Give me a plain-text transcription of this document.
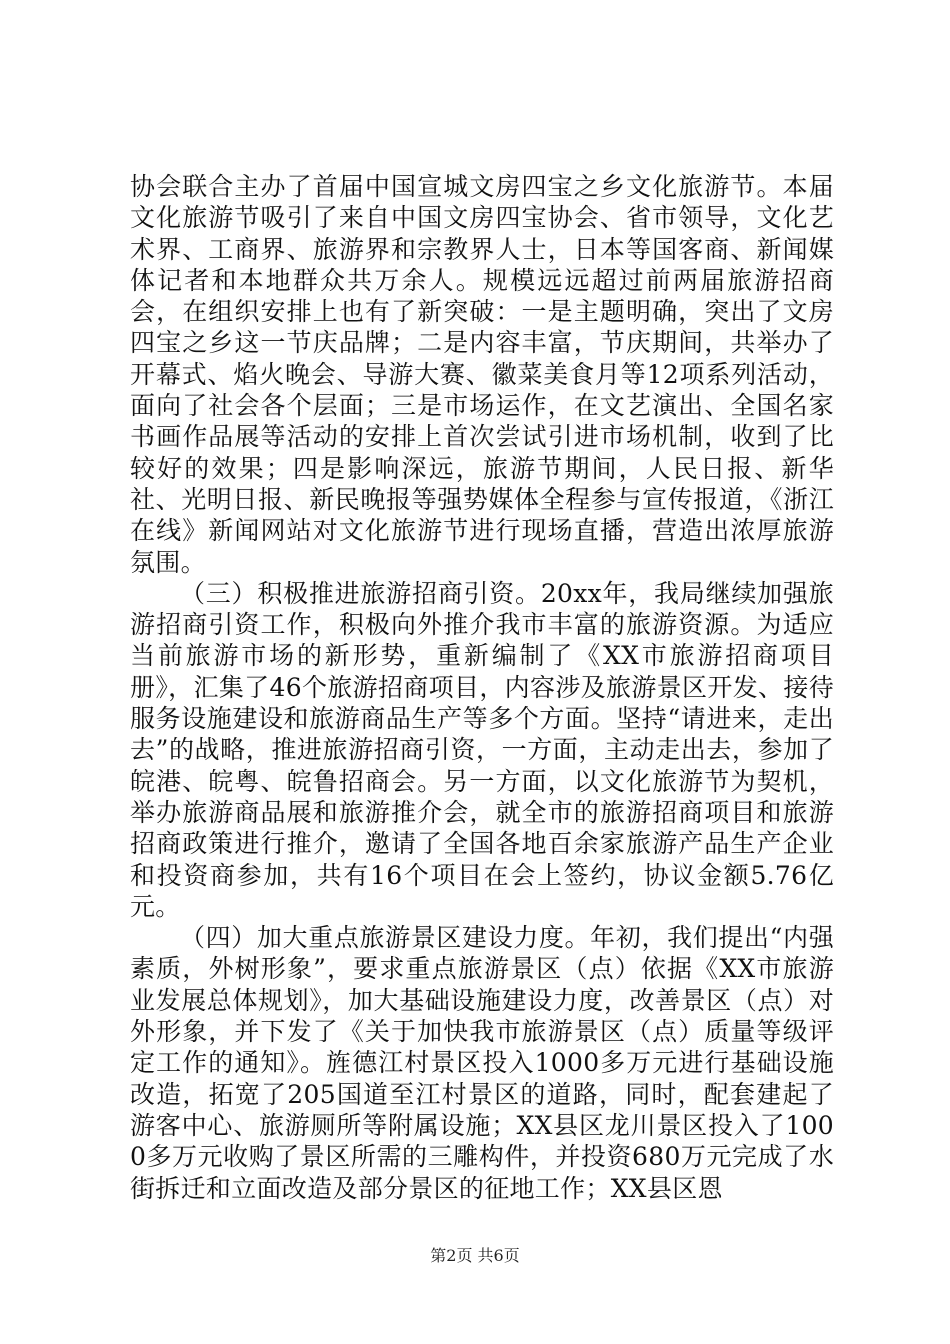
协会联合主办了首届中国宣城文房四宝之乡文化旅游节。本届文化旅游节吸引了来自中国文房四宝协会、省市领导，文化艺术界、工商界、旅游界和宗教界人士，日本等国客商、新闻媒体记者和本地群众共万余人。规模远远超过前两届旅游招商会，在组织安排上也有了新突破：一是主题明确，突出了文房四宝之乡这一节庆品牌；二是内容丰富，节庆期间，共举办了开幕式、焰火晚会、导游大赛、徽菜美食月等12项系列活动，面向了社会各个层面；三是市场运作，在文艺演出、全国名家书画作品展等活动的安排上首次尝试引进市场机制，收到了比较好的效果；四是影响深远，旅游节期间，人民日报、新华社、光明日报、新民晚报等强势媒体全程参与宣传报道，《浙江在线》新闻网站对文化旅游节进行现场直播，营造出浓厚旅游氛围。

（三）积极推进旅游招商引资。20xx年，我局继续加强旅游招商引资工作，积极向外推介我市丰富的旅游资源。为适应当前旅游市场的新形势，重新编制了《XX市旅游招商项目册》，汇集了46个旅游招商项目，内容涉及旅游景区开发、接待服务设施建设和旅游商品生产等多个方面。坚持“请进来，走出去”的战略，推进旅游招商引资，一方面，主动走出去，参加了皖港、皖粤、皖鲁招商会。另一方面，以文化旅游节为契机，举办旅游商品展和旅游推介会，就全市的旅游招商项目和旅游招商政策进行推介，邀请了全国各地百余家旅游产品生产企业和投资商参加，共有16个项目在会上签约，协议金额5.76亿元。

（四）加大重点旅游景区建设力度。年初，我们提出“内强素质，外树形象”，要求重点旅游景区（点）依据《XX市旅游业发展总体规划》，加大基础设施建设力度，改善景区（点）对外形象，并下发了《关于加快我市旅游景区（点）质量等级评定工作的通知》。旌德江村景区投入1000多万元进行基础设施改造，拓宽了205国道至江村景区的道路，同时，配套建起了游客中心、旅游厕所等附属设施；XX县区龙川景区投入了1000多万元收购了景区所需的三雕构件，并投资680万元完成了水街拆迁和立面改造及部分景区的征地工作；XX县区恩

第2页 共6页
